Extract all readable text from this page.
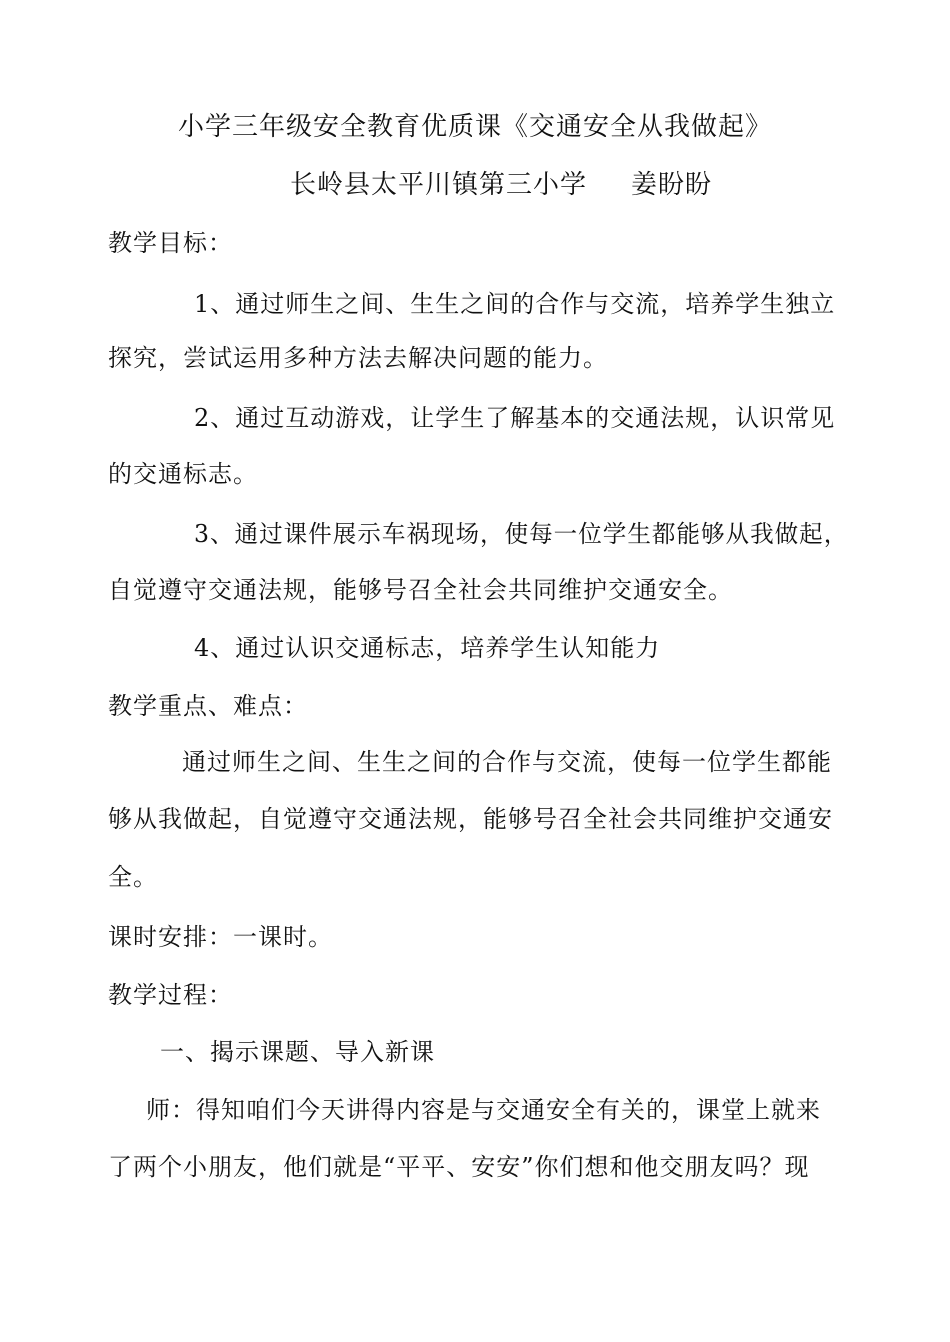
小学三年级安全教育优质课《交通安全从我做起》
长岭县太平川镇第三小学 姜盼盼
教学目标：
1、通过师生之间、生生之间的合作与交流，培养学生独立
探究，尝试运用多种方法去解决问题的能力。
2、通过互动游戏，让学生了解基本的交通法规，认识常见
的交通标志。
3、通过课件展示车祸现场，使每一位学生都能够从我做起，
自觉遵守交通法规，能够号召全社会共同维护交通安全。
4、通过认识交通标志，培养学生认知能力
教学重点、难点：
通过师生之间、生生之间的合作与交流，使每一位学生都能
够从我做起，自觉遵守交通法规，能够号召全社会共同维护交通安
全。
课时安排：一课时。
教学过程：
一、揭示课题、导入新课
师：得知咱们今天讲得内容是与交通安全有关的，课堂上就来
了两个小朋友，他们就是“平平、安安”你们想和他交朋友吗？现
